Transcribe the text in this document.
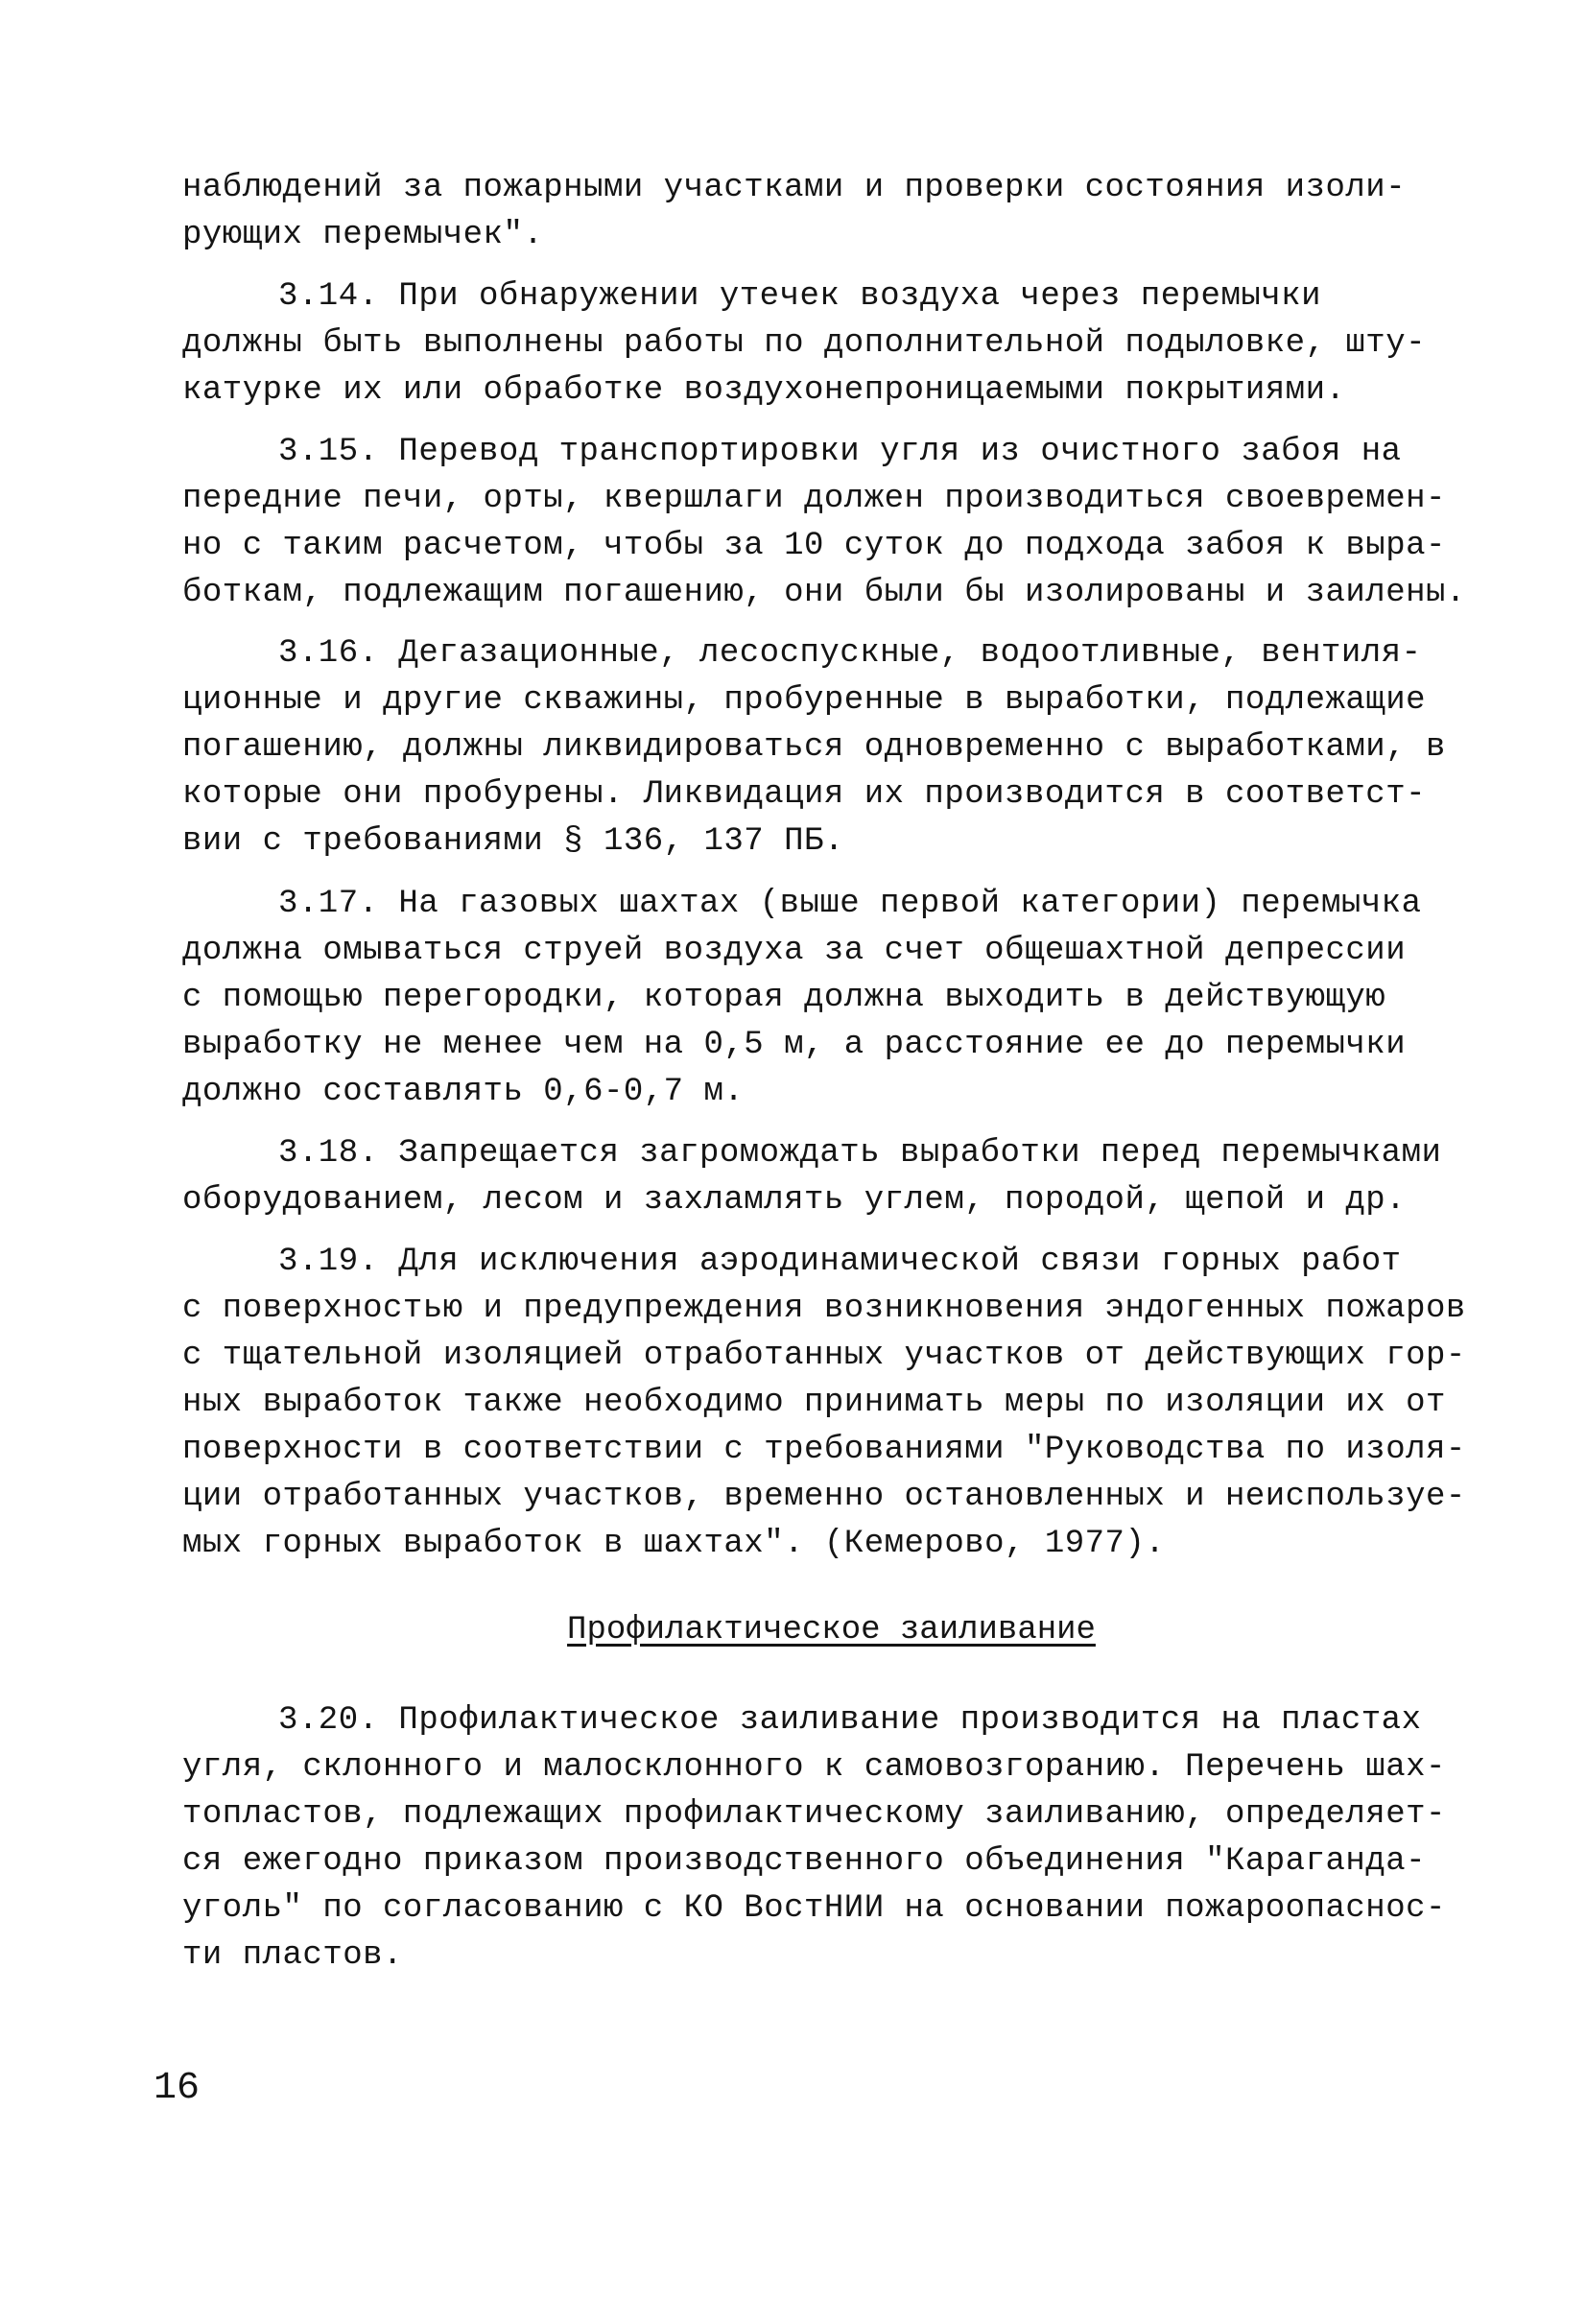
наблюдений за пожарными участками и проверки состояния изоли-
рующих перемычек".
3.14. При обнаружении утечек воздуха через перемычки
должны быть выполнены работы по дополнительной подыловке, шту-
катурке их или обработке воздухонепроницаемыми покрытиями.
3.15. Перевод транспортировки угля из очистного забоя на
передние печи, орты, квершлаги должен производиться своевремен-
но с таким расчетом, чтобы за 10 суток до подхода забоя к выра-
боткам, подлежащим погашению, они были бы изолированы и заилены.
3.16. Дегазационные, лесоспускные, водоотливные, вентиля-
ционные и другие скважины, пробуренные в выработки, подлежащие
погашению, должны ликвидироваться одновременно с выработками, в
которые они пробурены. Ликвидация их производится в соответст-
вии с требованиями § 136, 137 ПБ.
3.17. На газовых шахтах (выше первой категории) перемычка
должна омываться струей воздуха за счет общешахтной депрессии
с помощью перегородки, которая должна выходить в действующую
выработку не менее чем на 0,5 м, а расстояние ее до перемычки
должно составлять 0,6-0,7 м.
3.18. Запрещается загромождать выработки перед перемычками
оборудованием, лесом и захламлять углем, породой, щепой и др.
3.19. Для исключения аэродинамической связи горных работ
с поверхностью и предупреждения возникновения эндогенных пожаров
с тщательной изоляцией отработанных участков от действующих гор-
ных выработок также необходимо принимать меры по изоляции их от
поверхности в соответствии с требованиями "Руководства по изоля-
ции отработанных участков, временно остановленных и неиспользуе-
мых горных выработок в шахтах". (Кемерово, 1977).
Профилактическое заиливание
3.20. Профилактическое заиливание производится на пластах
угля, склонного и малосклонного к самовозгоранию. Перечень шах-
топластов, подлежащих профилактическому заиливанию, определяет-
ся ежегодно приказом производственного объединения "Караганда-
уголь" по согласованию с КО ВостНИИ на основании пожароопаснос-
ти пластов.
16
